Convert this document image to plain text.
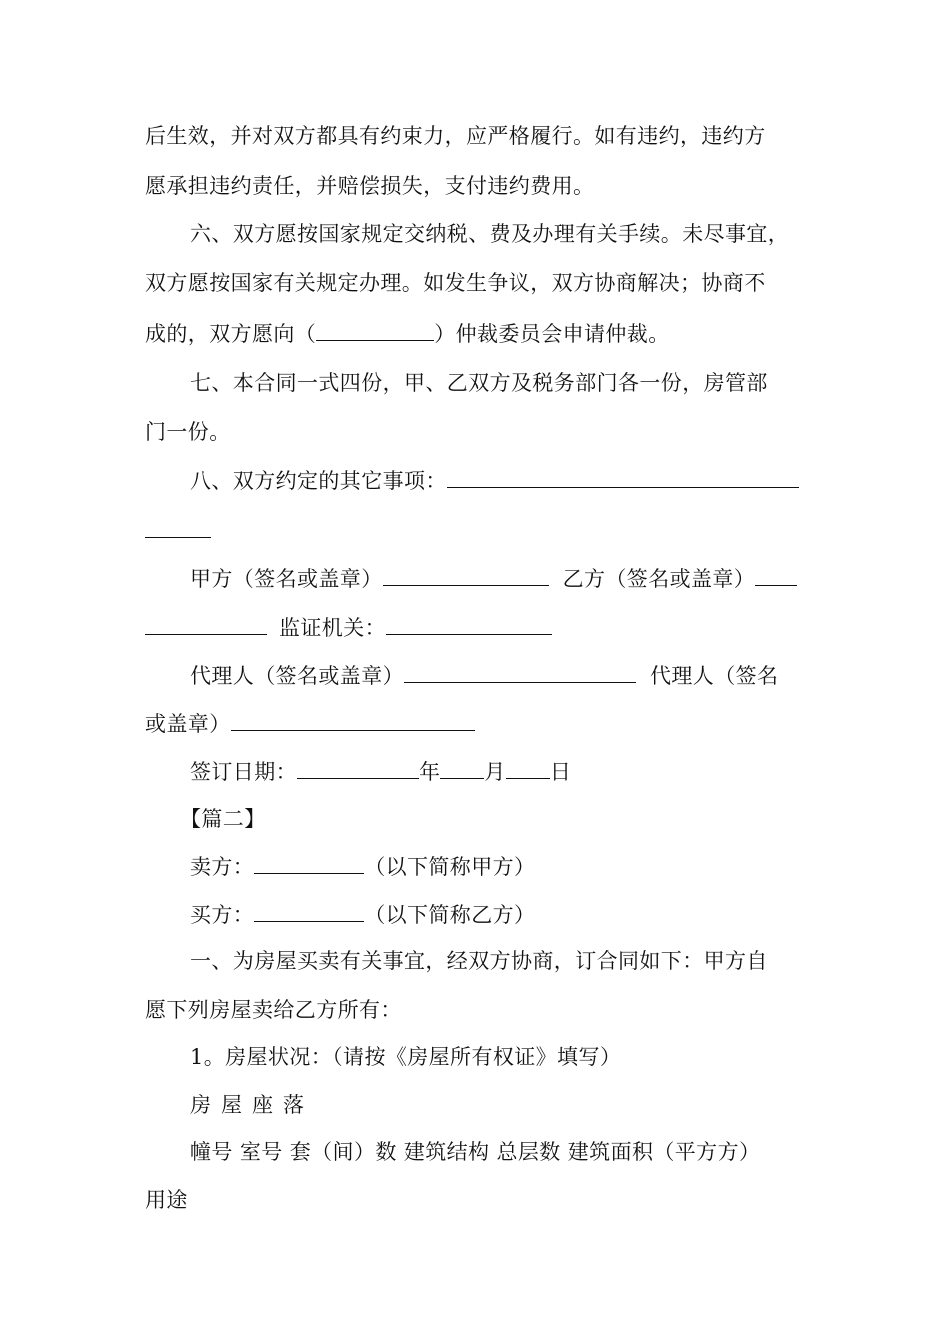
后生效，并对双方都具有约束力，应严格履行。如有违约，违约方
愿承担违约责任，并赔偿损失，支付违约费用。
六、双方愿按国家规定交纳税、费及办理有关手续。未尽事宜，
双方愿按国家有关规定办理。如发生争议，双方协商解决；协商不
成的，双方愿向（	）仲裁委员会申请仲裁。
七、本合同一式四份，甲、乙双方及税务部门各一份，房管部
门一份。
八、双方约定的其它事项：
甲方（签名或盖章）	乙方（签名或盖章）
监证机关：
代理人（签名或盖章）	代理人（签名
或盖章）
签订日期：	年 月 日
【篇二】
卖方：	（以下简称甲方）
买方：	（以下简称乙方）
一、为房屋买卖有关事宜，经双方协商，订合同如下：甲方自
愿下列房屋卖给乙方所有：
1。房屋状况：（请按《房屋所有权证》填写）
房屋座落
幢号 室号 套（间）数 建筑结构 总层数 建筑面积（平方方）
用途
